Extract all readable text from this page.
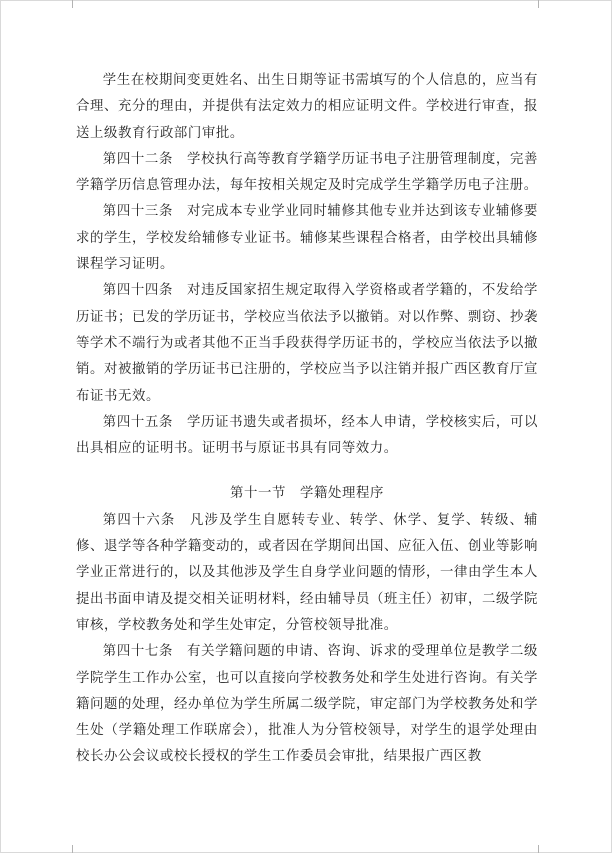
学生在校期间变更姓名、出生日期等证书需填写的个人信息的，应当有合理、充分的理由，并提供有法定效力的相应证明文件。学校进行审查，报送上级教育行政部门审批。

第四十二条　学校执行高等教育学籍学历证书电子注册管理制度，完善学籍学历信息管理办法，每年按相关规定及时完成学生学籍学历电子注册。

第四十三条　对完成本专业学业同时辅修其他专业并达到该专业辅修要求的学生，学校发给辅修专业证书。辅修某些课程合格者，由学校出具辅修课程学习证明。

第四十四条　对违反国家招生规定取得入学资格或者学籍的，不发给学历证书；已发的学历证书，学校应当依法予以撤销。对以作弊、剽窃、抄袭等学术不端行为或者其他不正当手段获得学历证书的，学校应当依法予以撤销。对被撤销的学历证书已注册的，学校应当予以注销并报广西区教育厅宣布证书无效。

第四十五条　学历证书遗失或者损坏，经本人申请，学校核实后，可以出具相应的证明书。证明书与原证书具有同等效力。

第十一节　学籍处理程序

第四十六条　凡涉及学生自愿转专业、转学、休学、复学、转级、辅修、退学等各种学籍变动的，或者因在学期间出国、应征入伍、创业等影响学业正常进行的，以及其他涉及学生自身学业问题的情形，一律由学生本人提出书面申请及提交相关证明材料，经由辅导员（班主任）初审，二级学院审核，学校教务处和学生处审定，分管校领导批准。

第四十七条　有关学籍问题的申请、咨询、诉求的受理单位是教学二级学院学生工作办公室，也可以直接向学校教务处和学生处进行咨询。有关学籍问题的处理，经办单位为学生所属二级学院，审定部门为学校教务处和学生处（学籍处理工作联席会），批准人为分管校领导，对学生的退学处理由校长办公会议或校长授权的学生工作委员会审批，结果报广西区教
